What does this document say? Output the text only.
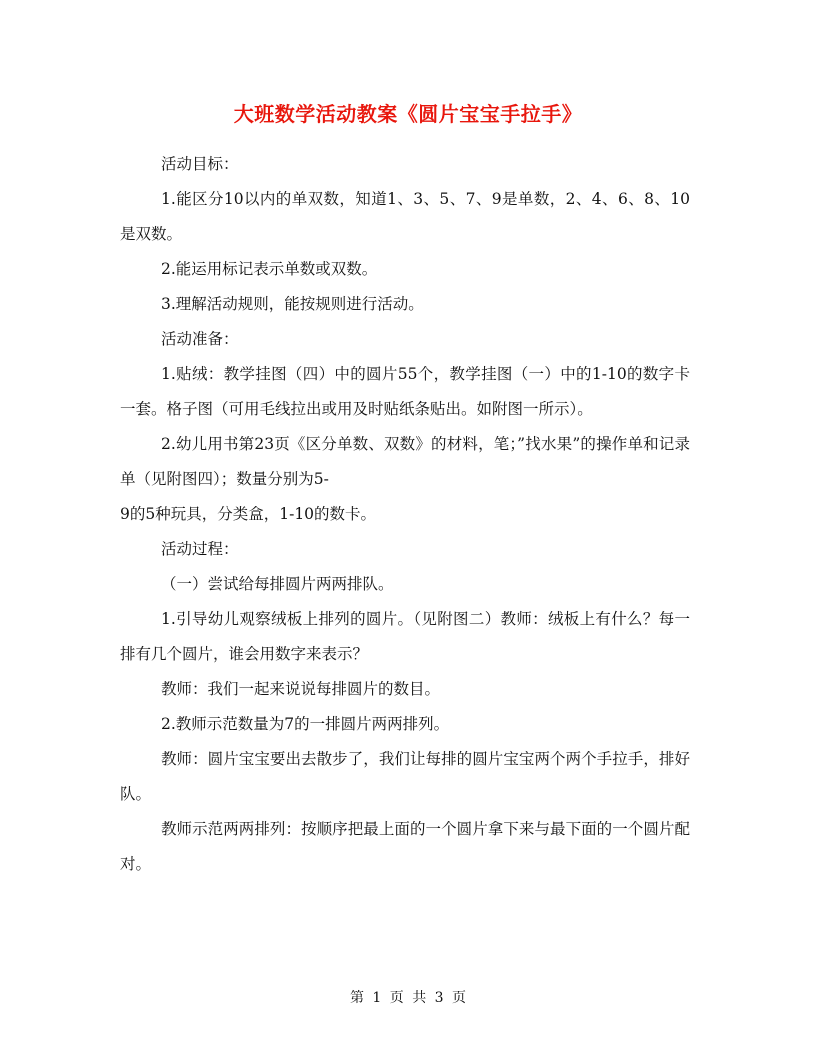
大班数学活动教案《圆片宝宝手拉手》

活动目标：

1.能区分10以内的单双数，知道1、3、5、7、9是单数，2、4、6、8、10是双数。

2.能运用标记表示单数或双数。

3.理解活动规则，能按规则进行活动。

活动准备：

1.贴绒：教学挂图（四）中的圆片55个，教学挂图（一）中的1-10的数字卡一套。格子图（可用毛线拉出或用及时贴纸条贴出。如附图一所示）。

2.幼儿用书第23页《区分单数、双数》的材料，笔；”找水果”的操作单和记录单（见附图四）；数量分别为5-

9的5种玩具，分类盒，1-10的数卡。

活动过程：

（一）尝试给每排圆片两两排队。

1.引导幼儿观察绒板上排列的圆片。（见附图二）教师：绒板上有什么？每一排有几个圆片，谁会用数字来表示？

教师：我们一起来说说每排圆片的数目。

2.教师示范数量为7的一排圆片两两排列。

教师：圆片宝宝要出去散步了，我们让每排的圆片宝宝两个两个手拉手，排好队。

教师示范两两排列：按顺序把最上面的一个圆片拿下来与最下面的一个圆片配对。

第 1 页 共 3 页
